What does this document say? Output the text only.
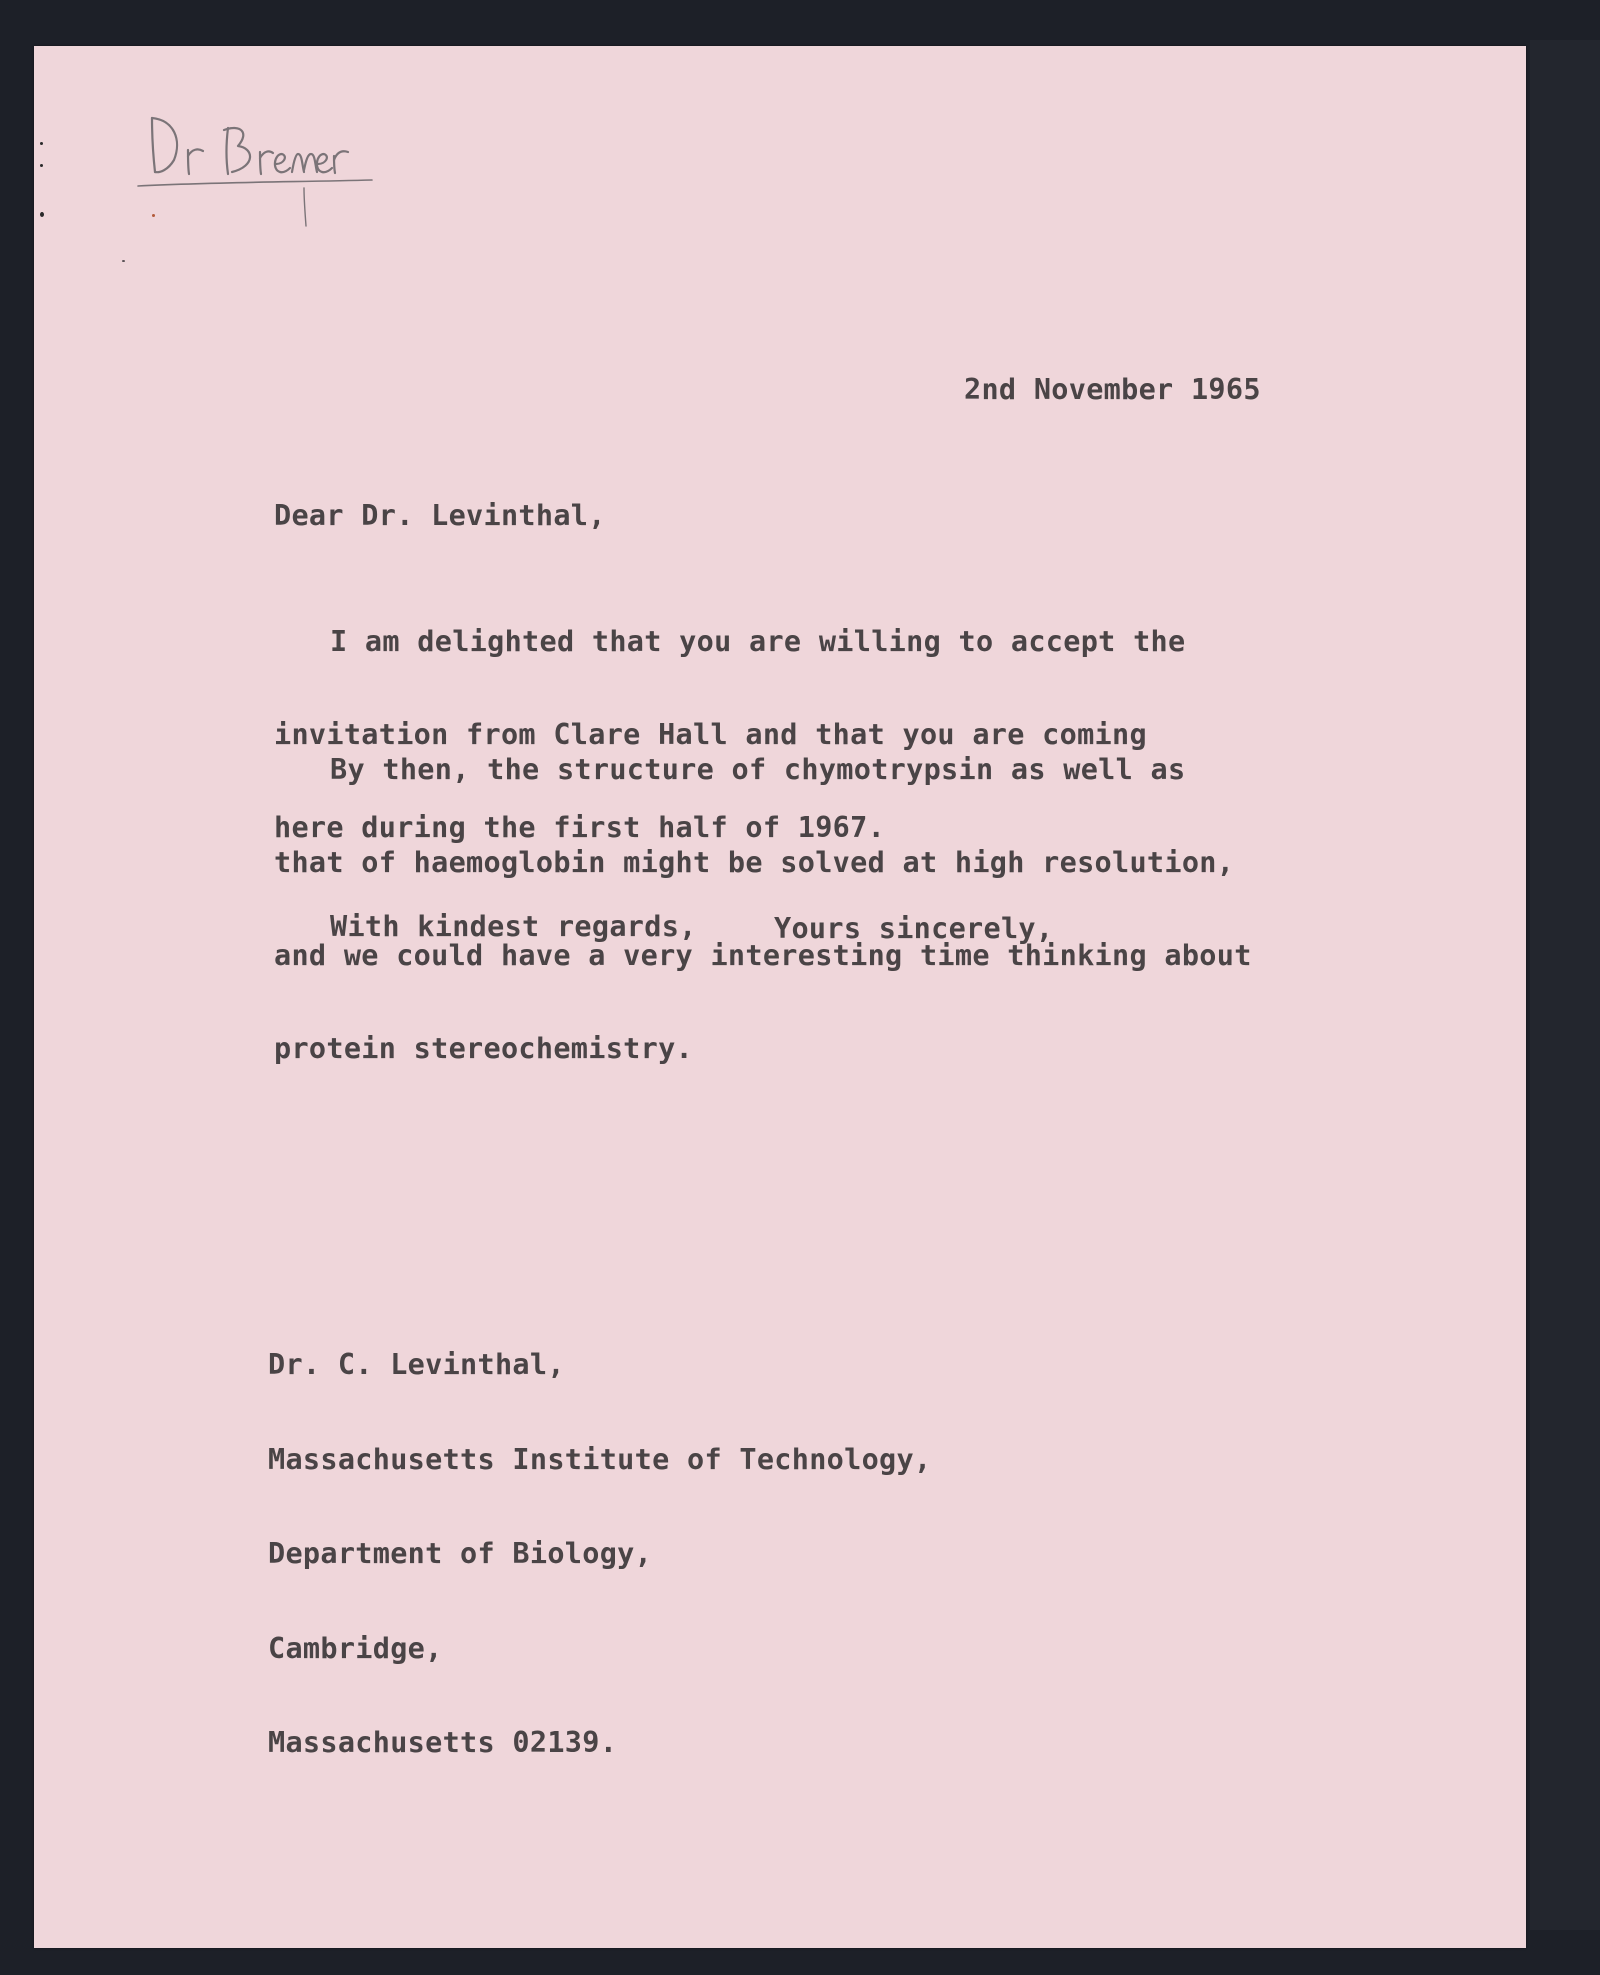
2nd November 1965
Dear Dr. Levinthal,

I am delighted that you are willing to accept the

invitation from Clare Hall and that you are coming

here during the first half of 1967.

By then, the structure of chymotrypsin as well as

that of haemoglobin might be solved at high resolution,

and we could have a very interesting time thinking about

protein stereochemistry.

With kindest regards,

	Yours sincerely,

Dr. C. Levinthal,

Massachusetts Institute of Technology,

Department of Biology,

Cambridge,

Massachusetts 02139.
